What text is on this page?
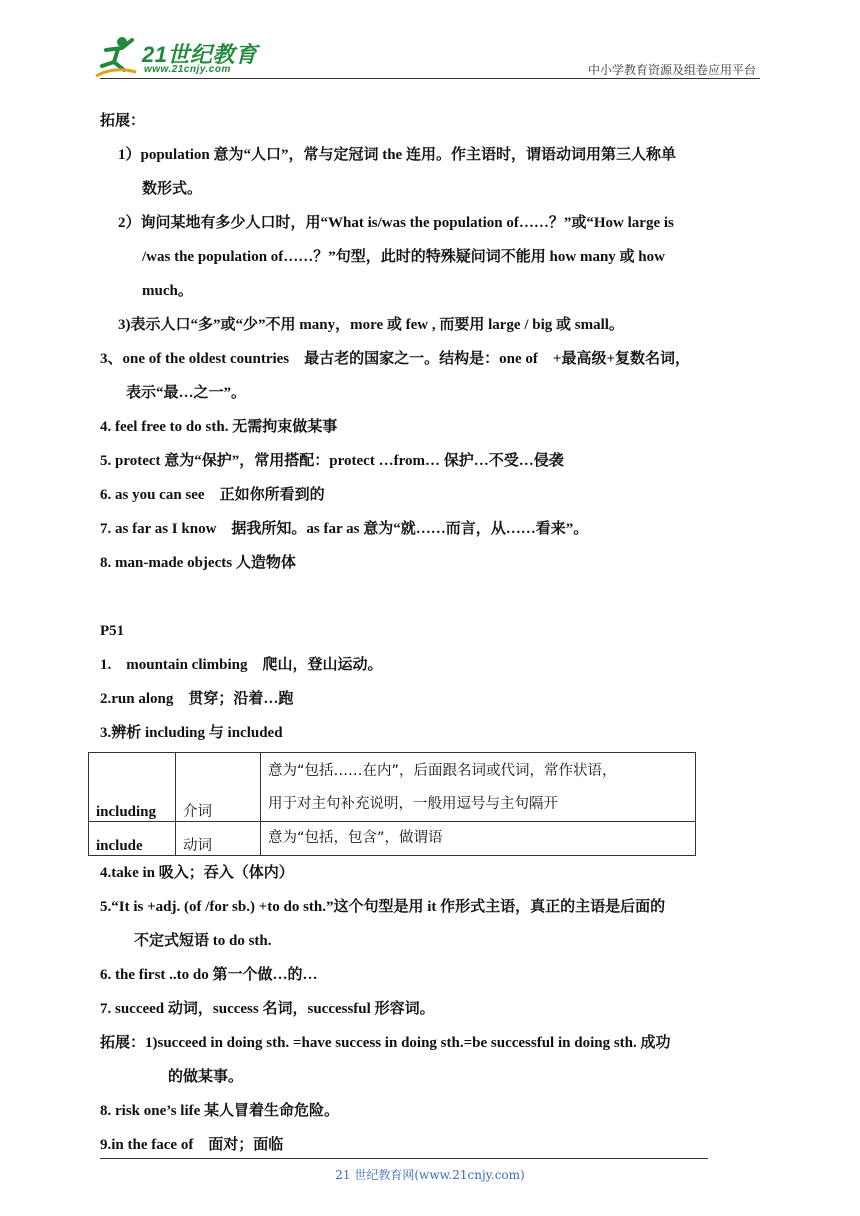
21世纪教育
www.21cnjy.com	中小学教育资源及组卷应用平台
拓展：
1）population 意为“人口”，常与定冠词 the 连用。作主语时，谓语动词用第三人称单
数形式。
2）询问某地有多少人口时，用“What is/was the population of……？”或“How large is
/was the population of……？”句型，此时的特殊疑问词不能用 how many 或 how
much。
3)表示人口“多”或“少”不用 many，more 或 few , 而要用 large / big 或 small。
3、one of the oldest countries　最古老的国家之一。结构是：one of　+最高级+复数名词，
表示“最…之一”。
4. feel free to do sth. 无需拘束做某事
5. protect 意为“保护”，常用搭配：protect …from… 保护…不受…侵袭
6. as you can see　正如你所看到的
7. as far as I know　据我所知。as far as 意为“就……而言，从……看来”。
8. man-made objects 人造物体
P51
1.　mountain climbing　爬山，登山运动。
2.run along　贯穿；沿着…跑
3.辨析 including 与 included
including	介词	意为“包括……在内”，后面跟名词或代词，常作状语，
用于对主句补充说明，一般用逗号与主句隔开

include	动词	意为“包括，包含”，做谓语
4.take in 吸入；吞入（体内）
5.“It is +adj. (of /for sb.) +to do sth.”这个句型是用 it 作形式主语，真正的主语是后面的
不定式短语 to do sth.
6. the first ..to do 第一个做…的…
7. succeed 动词，success 名词，successful 形容词。
拓展：1)succeed in doing sth. =have success in doing sth.=be successful in doing sth. 成功
的做某事。
8. risk one’s life 某人冒着生命危险。
9.in the face of　面对；面临
21 世纪教育网(www.21cnjy.com)
